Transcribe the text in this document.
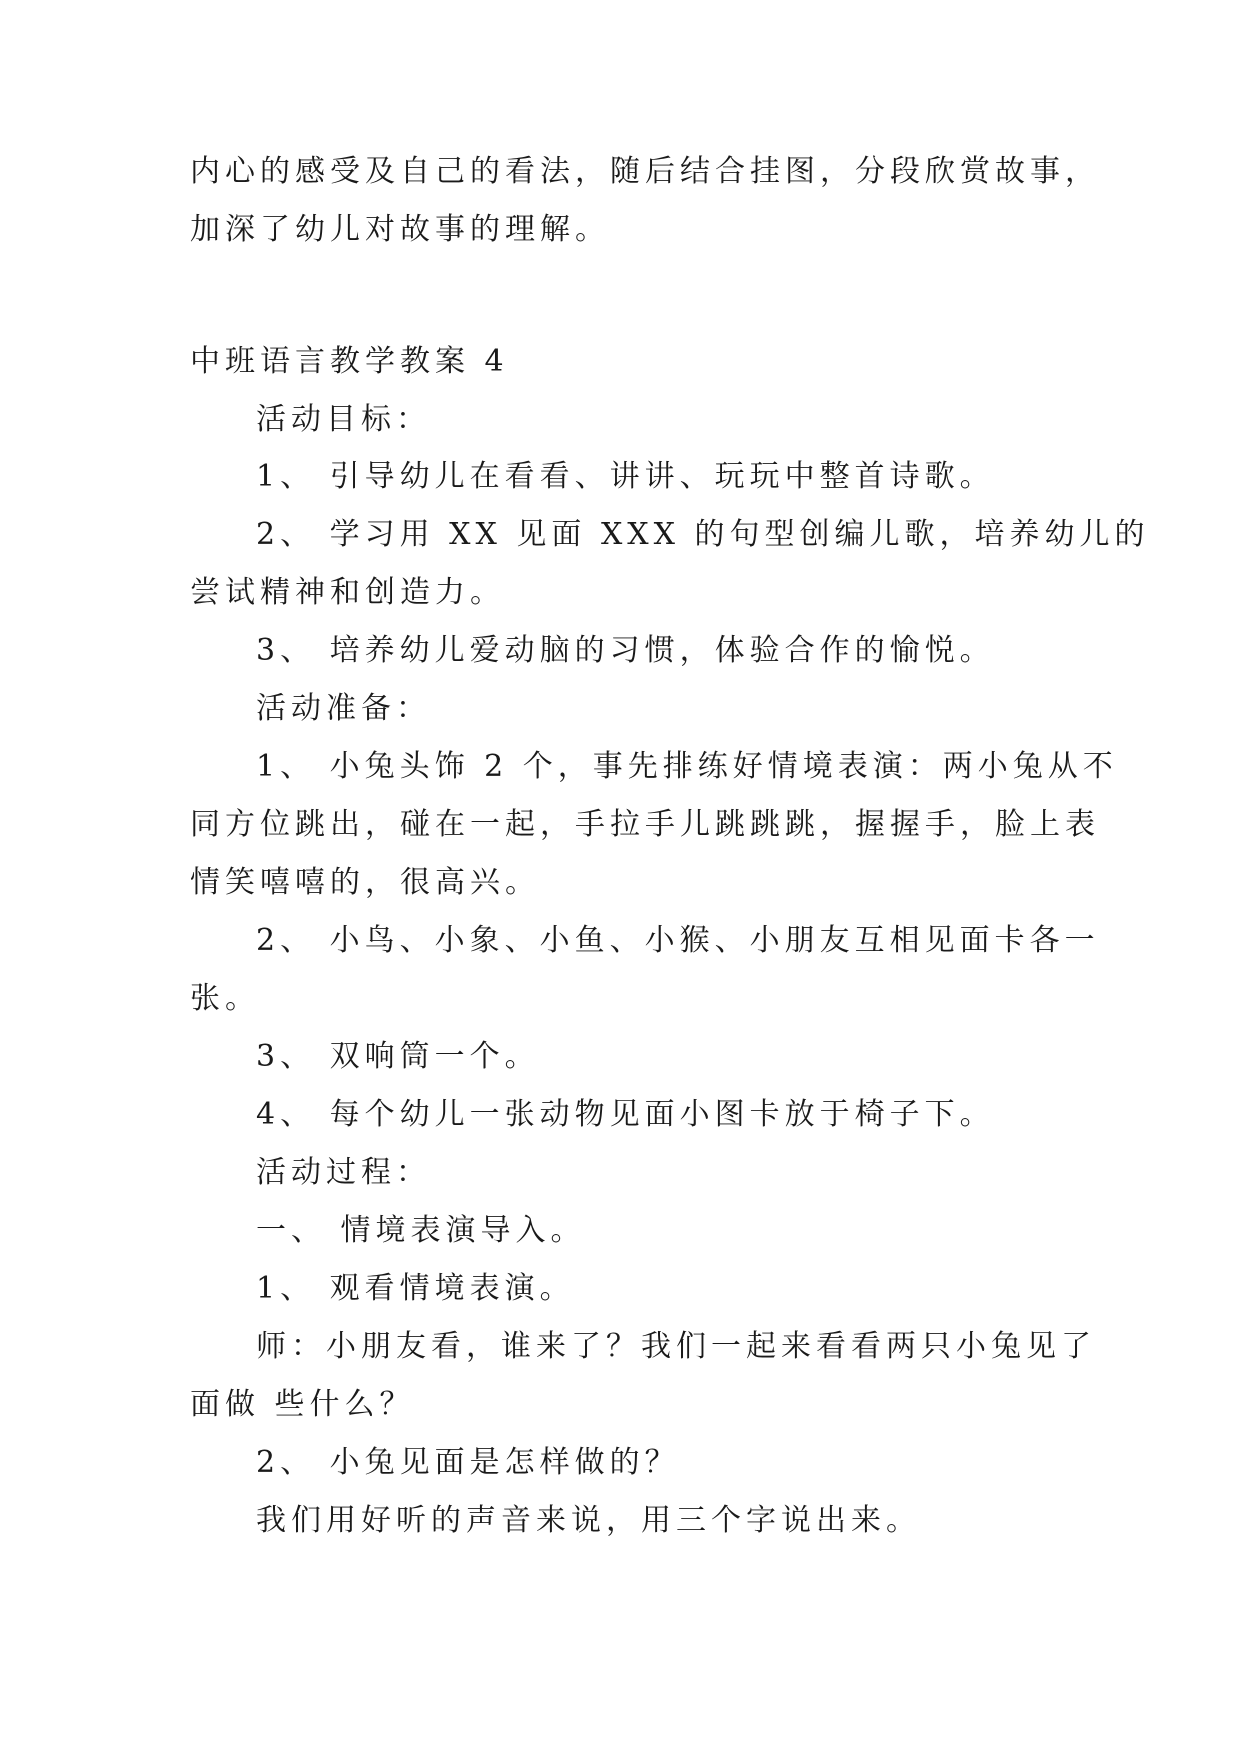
内心的感受及自己的看法，随后结合挂图，分段欣赏故事，
加深了幼儿对故事的理解。
中班语言教学教案 4
活动目标：
1、 引导幼儿在看看、讲讲、玩玩中整首诗歌。
2、 学习用 XX 见面 XXX 的句型创编儿歌，培养幼儿的
尝试精神和创造力。
3、 培养幼儿爱动脑的习惯，体验合作的愉悦。
活动准备：
1、 小兔头饰 2 个，事先排练好情境表演：两小兔从不
同方位跳出，碰在一起，手拉手儿跳跳跳，握握手，脸上表
情笑嘻嘻的，很高兴。
2、 小鸟、小象、小鱼、小猴、小朋友互相见面卡各一
张。
3、 双响筒一个。
4、 每个幼儿一张动物见面小图卡放于椅子下。
活动过程：
一、 情境表演导入。
1、 观看情境表演。
师：小朋友看，谁来了？我们一起来看看两只小兔见了
面做 些什么？
2、 小兔见面是怎样做的？
我们用好听的声音来说，用三个字说出来。
